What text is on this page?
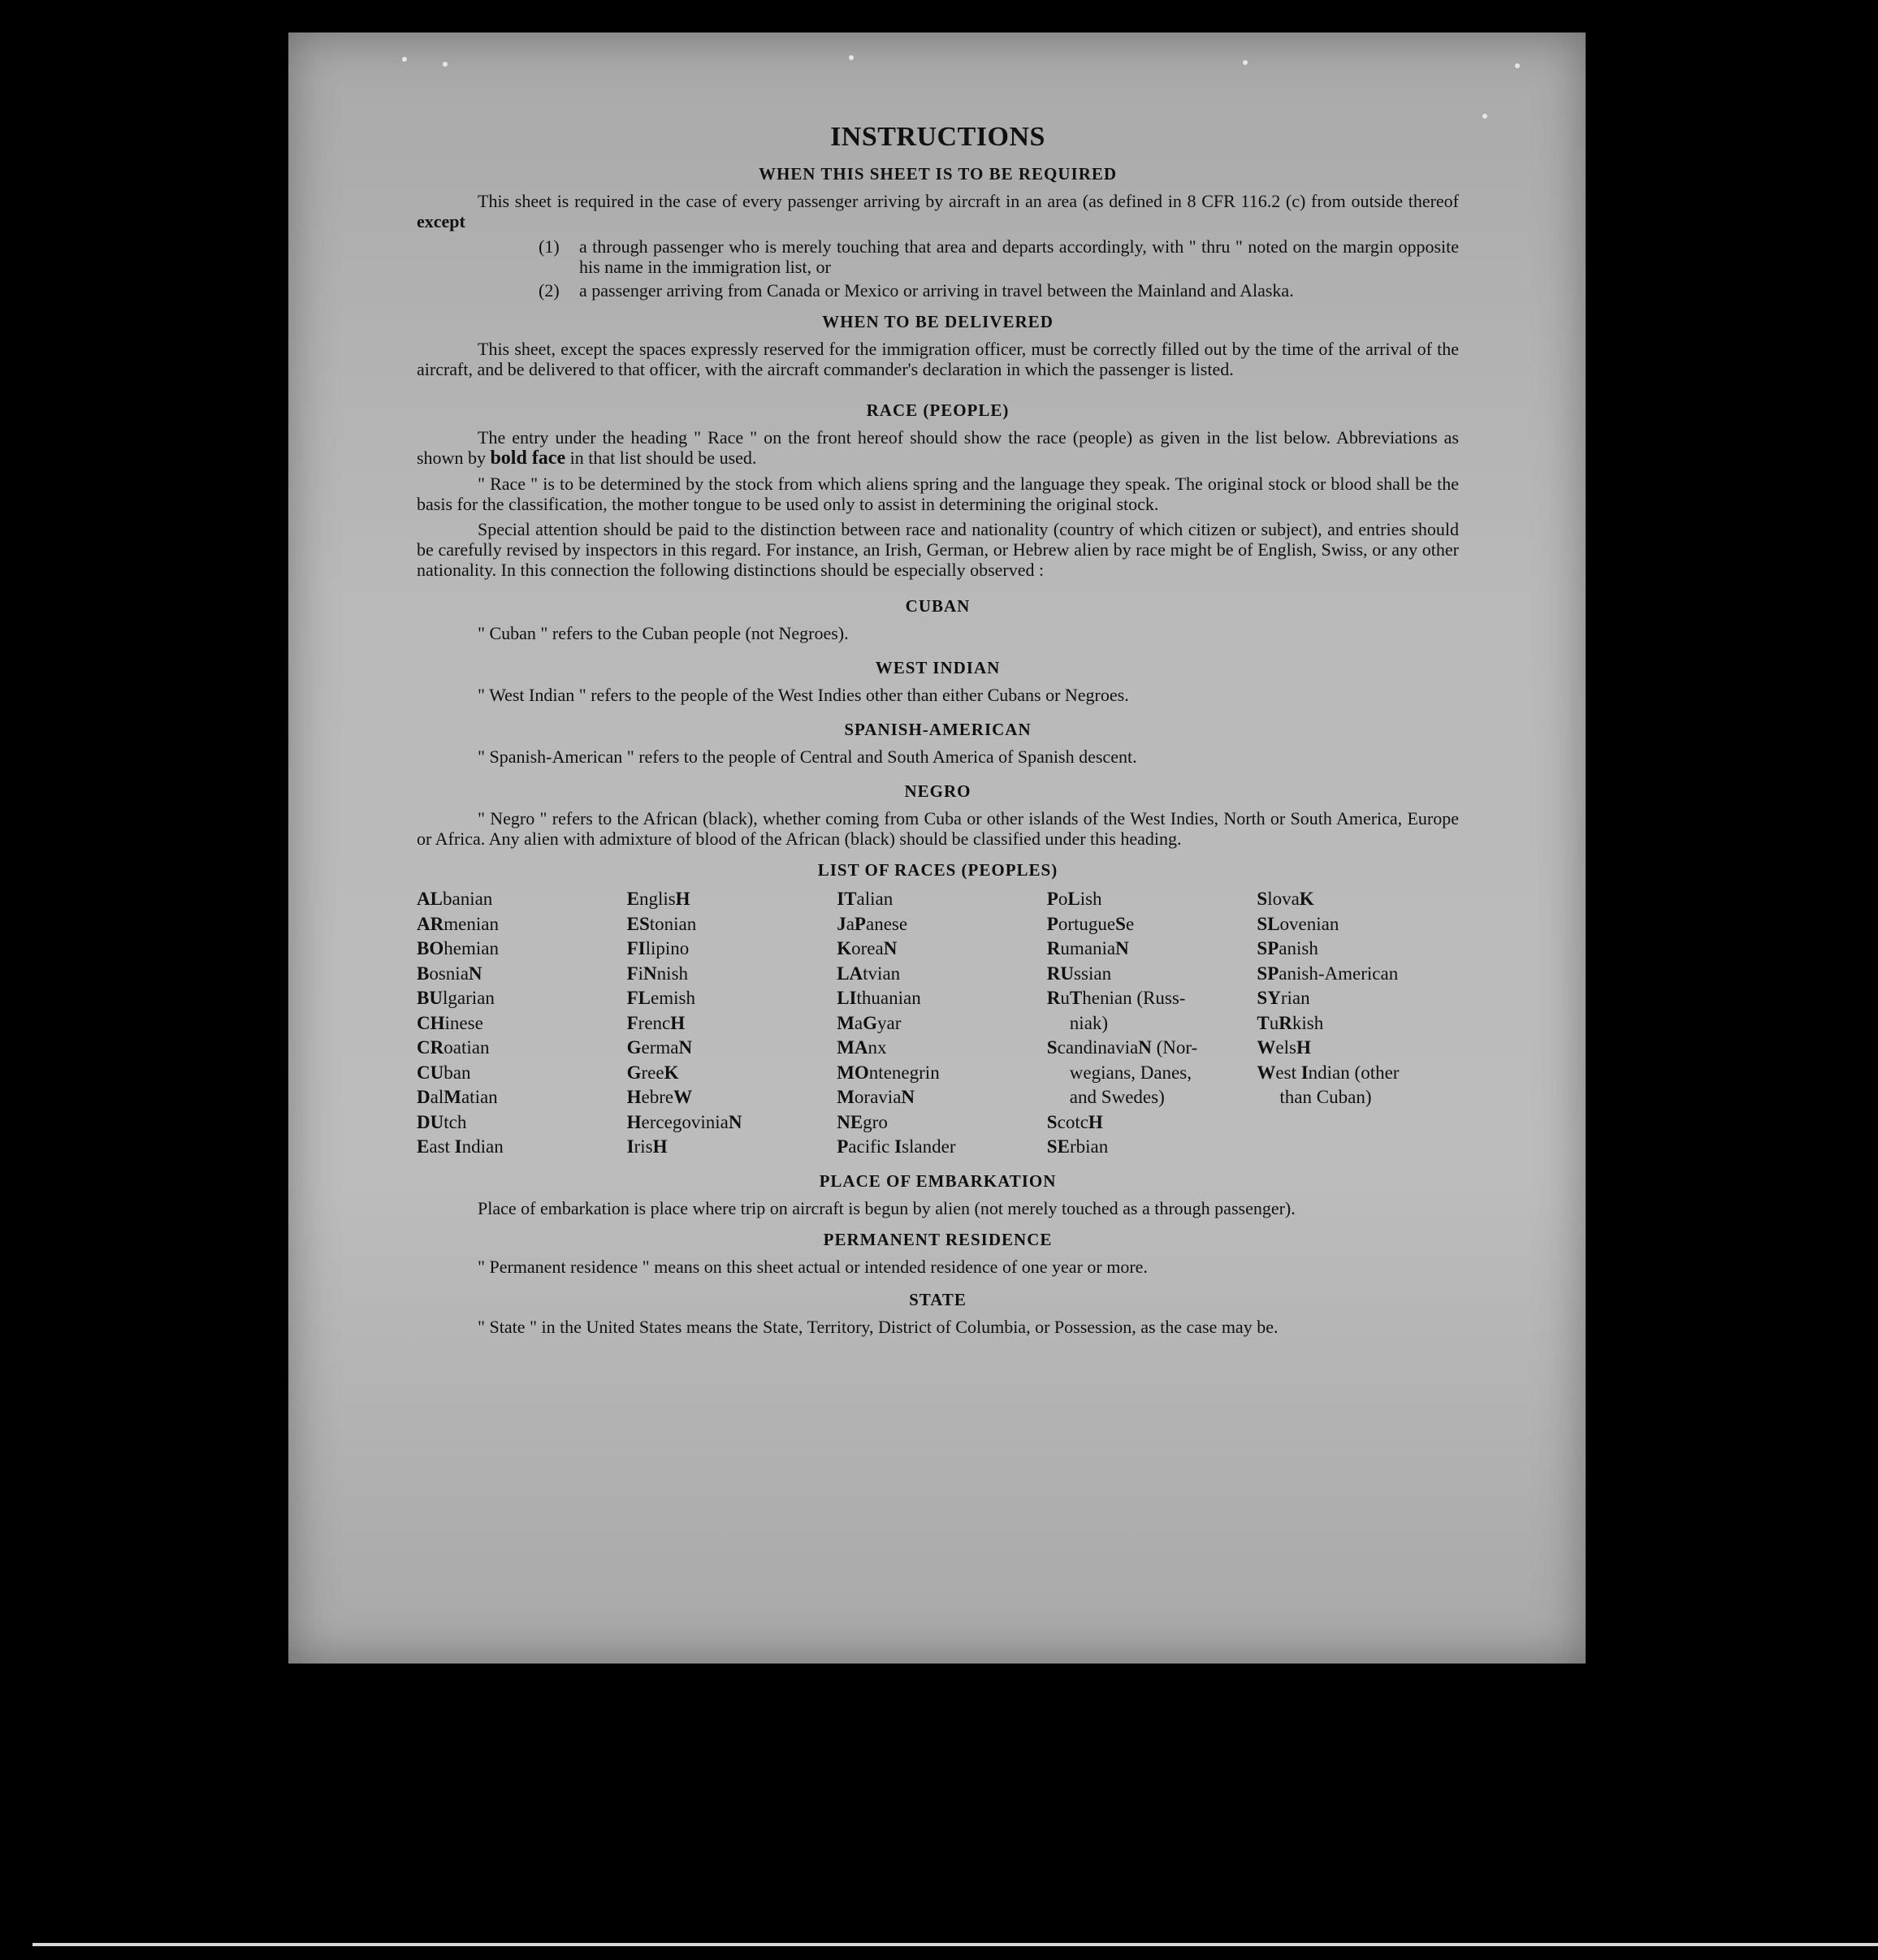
INSTRUCTIONS
WHEN THIS SHEET IS TO BE REQUIRED

This sheet is required in the case of every passenger arriving by aircraft in an area (as defined in 8 CFR 116.2 (c) from outside thereof except

(1)	a through passenger who is merely touching that area and departs accordingly, with " thru " noted on the margin opposite his name in the immigration list, or
(2)	a passenger arriving from Canada or Mexico or arriving in travel between the Mainland and Alaska.
WHEN TO BE DELIVERED

This sheet, except the spaces expressly reserved for the immigration officer, must be correctly filled out by the time of the arrival of the aircraft, and be delivered to that officer, with the aircraft commander's declaration in which the passenger is listed.

RACE (PEOPLE)

The entry under the heading " Race " on the front hereof should show the race (people) as given in the list below. Abbreviations as shown by bold face in that list should be used.

" Race " is to be determined by the stock from which aliens spring and the language they speak. The original stock or blood shall be the basis for the classification, the mother tongue to be used only to assist in determining the original stock.

Special attention should be paid to the distinction between race and nationality (country of which citizen or subject), and entries should be carefully revised by inspectors in this regard. For instance, an Irish, German, or Hebrew alien by race might be of English, Swiss, or any other nationality. In this connection the following distinctions should be especially observed :

CUBAN

" Cuban " refers to the Cuban people (not Negroes).

WEST INDIAN

" West Indian " refers to the people of the West Indies other than either Cubans or Negroes.

SPANISH-AMERICAN

" Spanish-American " refers to the people of Central and South America of Spanish descent.

NEGRO

" Negro " refers to the African (black), whether coming from Cuba or other islands of the West Indies, North or South America, Europe or Africa. Any alien with admixture of blood of the African (black) should be classified under this heading.

LIST OF RACES (PEOPLES)
ALbanian
ARmenian
BOhemian
BosniaN
BUlgarian
CHinese
CRoatian
CUban
DalMatian
DUtch
East Indian
EnglisH
EStonian
FIlipino
FiNnish
FLemish
FrencH
GermaN
GreeK
HebreW
HercegoviniaN
IrisH
ITalian
JaPanese
KoreaN
LAtvian
LIthuanian
MaGyar
MAnx
MOntenegrin
MoraviaN
NEgro
Pacific Islander
PoLish
PortugueSe
RumaniaN
RUssian
RuThenian (Russ-
niak)
ScandinaviaN (Nor-
wegians, Danes,
and Swedes)
ScotcH
SErbian
SlovaK
SLovenian
SPanish
SPanish-American
SYrian
TuRkish
WelsH
West Indian (other
than Cuban)
PLACE OF EMBARKATION

Place of embarkation is place where trip on aircraft is begun by alien (not merely touched as a through passenger).

PERMANENT RESIDENCE

" Permanent residence " means on this sheet actual or intended residence of one year or more.

STATE

" State " in the United States means the State, Territory, District of Columbia, or Possession, as the case may be.
